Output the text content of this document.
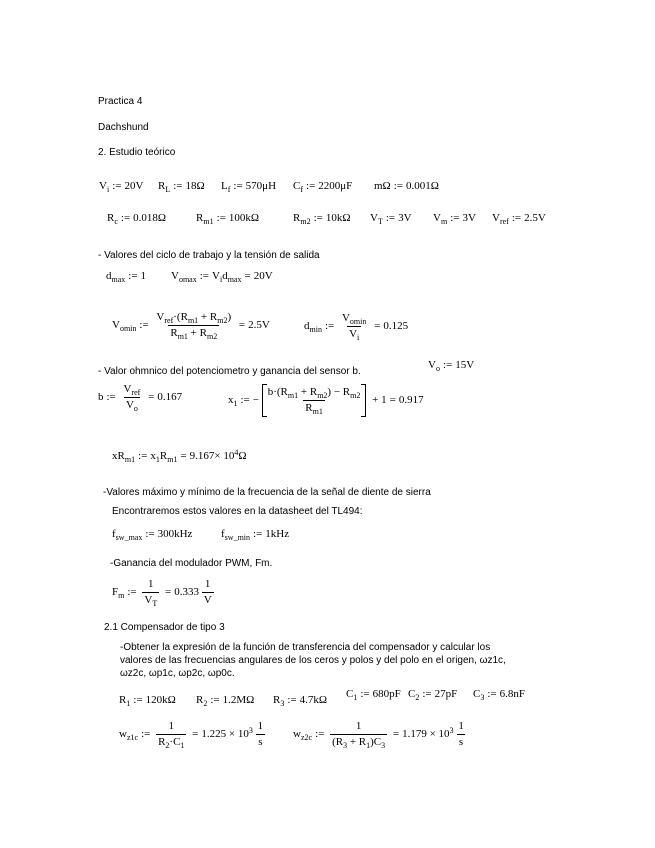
Practica 4
Dachshund
2. Estudio teórico
$V_i$ := 20V $R_L$ := 18Ω $L_f$ := 570μH $C_f$ := 2200μF mΩ := 0.001Ω
$R_c$ := 0.018Ω	$R_{m1}$ := 100kΩ	$R_{m2}$ := 10kΩ $V_T$ := 3V $V_m$ := 3V $V_{ref}$ := 2.5V
- Valores del ciclo de trabajo y la tensión de salida
$d_{max}$ := 1 $V_{omax}$ := $V_id_{max} = 20V$
$V_{omin}$ := $\frac{V_{ref}\cdot(R_{m1} + R_{m2})}{R_{m1} + R_{m2}} = 2.5V$	$d_{min}$ := $\frac{V_{omin}}{V_i} = 0.125$
- Valor ohmnico del potenciometro y ganancia del sensor b.
$V_o$ := 15V
b := $\frac{V_{ref}}{V_o} = 0.167$	$x_1$ := − $\frac{b\cdot(R_{m1} + R_{m2}) - R_{m2}}{R_{m1}} + 1 = 0.917$
$xR_{m1}$ := $x_1R_{m1} = 9.167\times 10^4\Omega$
-Valores máximo y mínimo de la frecuencia de la señal de diente de sierra
Encontraremos estos valores en la datasheet del TL494:
$f_{sw\_max}$ := 300kHz	$f_{sw\_min}$ := 1kHz
-Ganancia del modulador PWM, Fm.
$F_m$ := $\frac{1}{V_T} = 0.333 \frac{1}{V}$
2.1 Compensador de tipo 3
-Obtener la expresión de la función de transferencia del compensador y calcular los
valores de las frecuencias angulares de los ceros y polos y del polo en el origen, ωz1c,
ωz2c, ωp1c, ωp2c, ωp0c.
$R_1$ := 120kΩ $R_2$ := 1.2MΩ $R_3$ := 4.7kΩ $C_1$ := 680pF $C_2$ := 27pF $C_3$ := 6.8nF
$w_{z1c}$ := $\frac{1}{R_2\cdot C_1} = 1.225 \times 10^3 \frac{1}{s}$	$w_{z2c}$ := $\frac{1}{(R_3 + R_1)C_3} = 1.179 \times 10^3 \frac{1}{s}$
